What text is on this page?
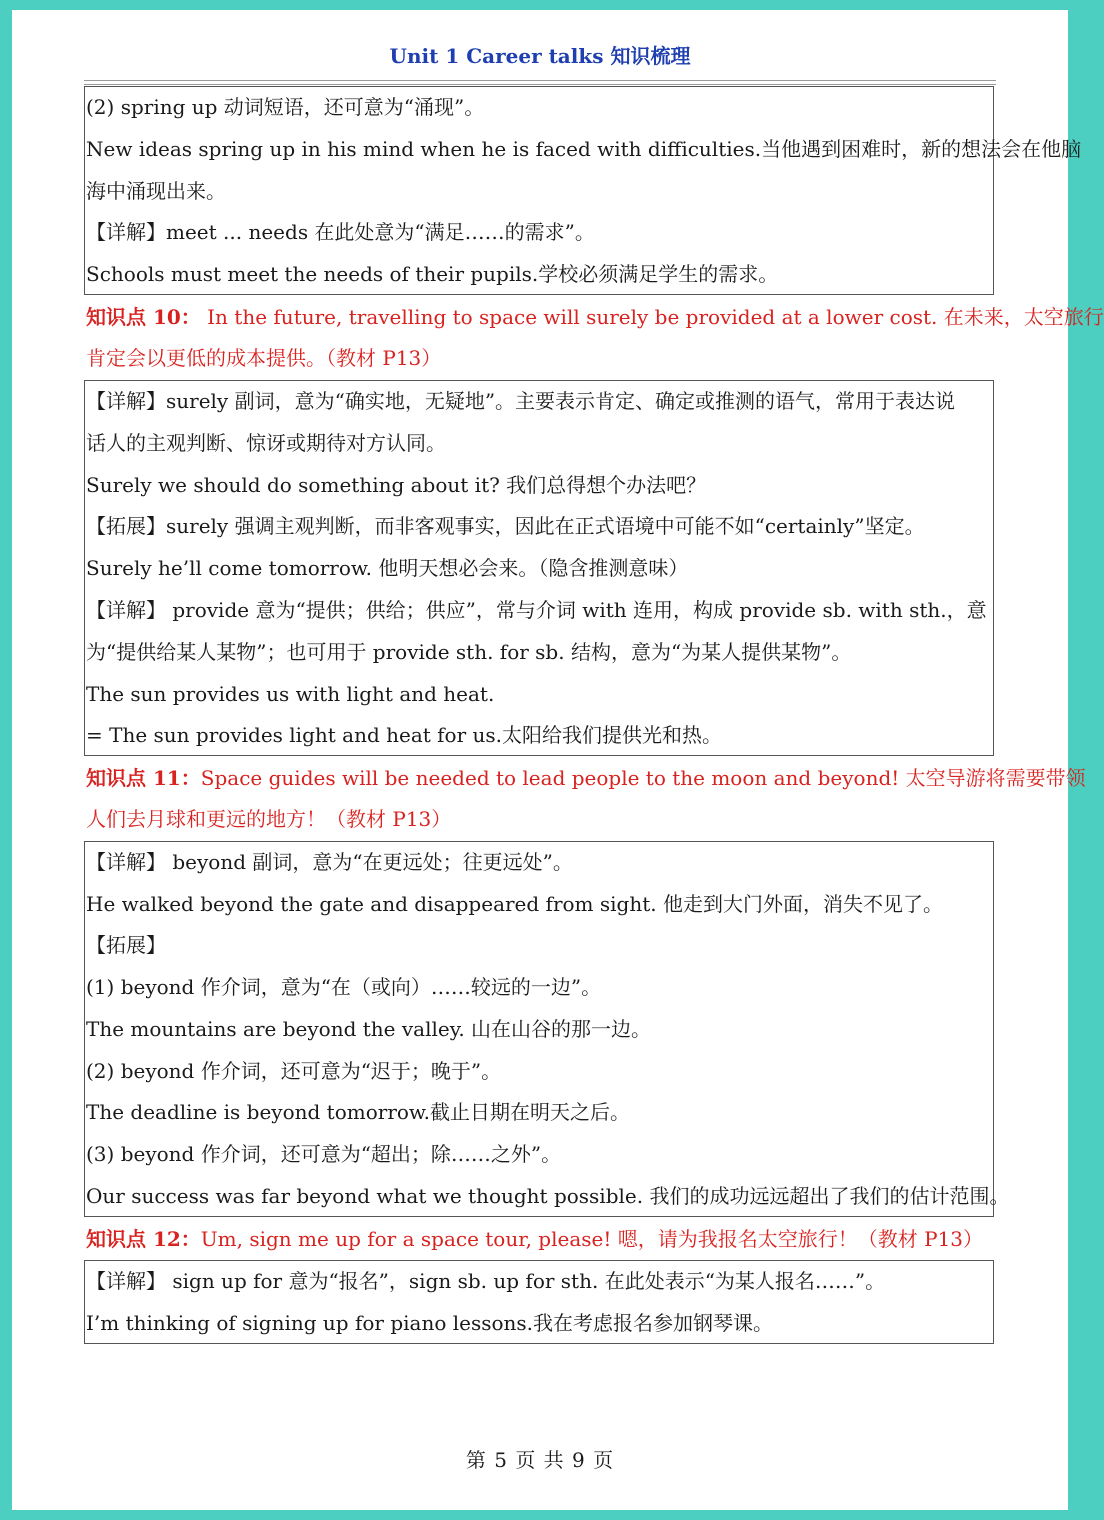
Unit 1 Career talks 知识梳理
(2) spring up 动词短语，还可意为“涌现”。
New ideas spring up in his mind when he is faced with difficulties.当他遇到困难时，新的想法会在他脑
海中涌现出来。
【详解】meet ... needs 在此处意为“满足……的需求”。
Schools must meet the needs of their pupils.学校必须满足学生的需求。
知识点 10： In the future, travelling to space will surely be provided at a lower cost. 在未来，太空旅行
肯定会以更低的成本提供。（教材 P13）
【详解】surely 副词，意为“确实地，无疑地”。主要表示肯定、确定或推测的语气，常用于表达说
话人的主观判断、惊讶或期待对方认同。
Surely we should do something about it? 我们总得想个办法吧？
【拓展】surely 强调主观判断，而非客观事实，因此在正式语境中可能不如“certainly”坚定。
Surely he’ll come tomorrow. 他明天想必会来。（隐含推测意味）
【详解】 provide 意为“提供；供给；供应”，常与介词 with 连用，构成 provide sb. with sth.，意
为“提供给某人某物”；也可用于 provide sth. for sb. 结构，意为“为某人提供某物”。
The sun provides us with light and heat.
= The sun provides light and heat for us.太阳给我们提供光和热。
知识点 11：Space guides will be needed to lead people to the moon and beyond! 太空导游将需要带领
人们去月球和更远的地方！（教材 P13）
【详解】 beyond 副词，意为“在更远处；往更远处”。
He walked beyond the gate and disappeared from sight. 他走到大门外面，消失不见了。
【拓展】
(1) beyond 作介词，意为“在（或向）……较远的一边”。
The mountains are beyond the valley. 山在山谷的那一边。
(2) beyond 作介词，还可意为“迟于；晚于”。
The deadline is beyond tomorrow.截止日期在明天之后。
(3) beyond 作介词，还可意为“超出；除……之外”。
Our success was far beyond what we thought possible. 我们的成功远远超出了我们的估计范围。
知识点 12：Um, sign me up for a space tour, please! 嗯，请为我报名太空旅行！（教材 P13）
【详解】 sign up for 意为“报名”，sign sb. up for sth. 在此处表示“为某人报名……”。
I’m thinking of signing up for piano lessons.我在考虑报名参加钢琴课。
第 5 页 共 9 页
